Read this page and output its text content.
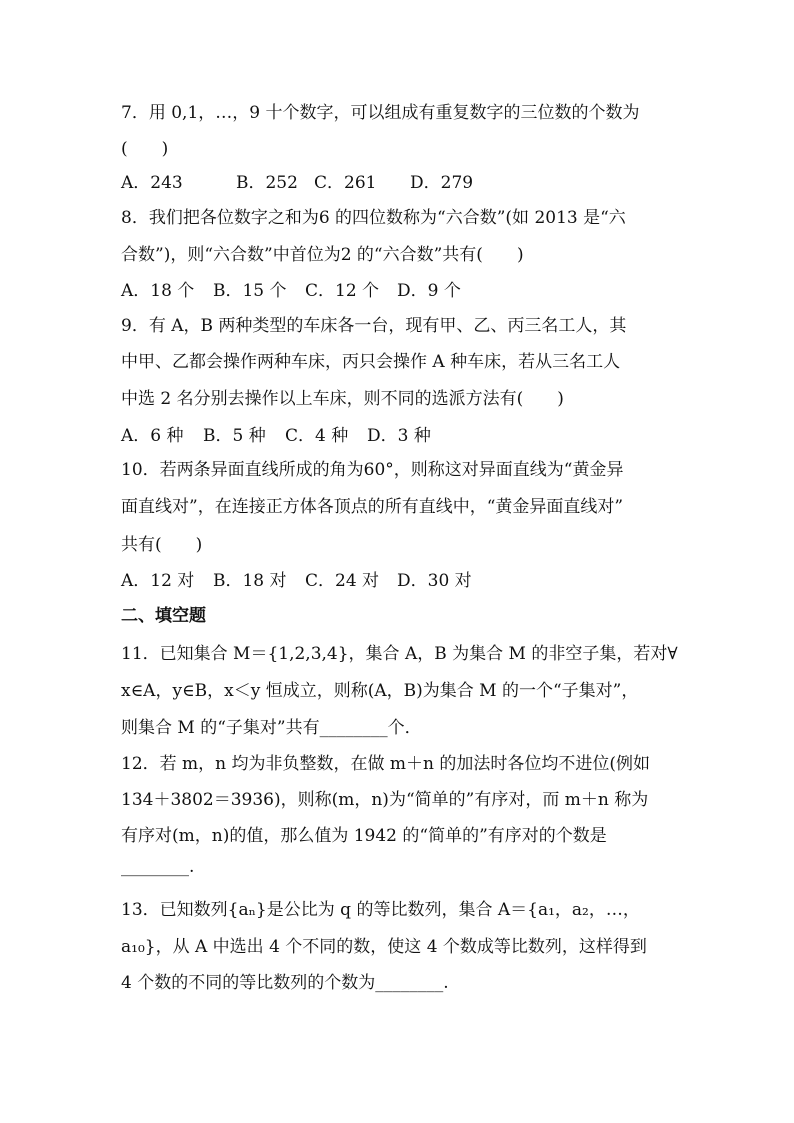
7．用 0,1，…，9 十个数字，可以组成有重复数字的三位数的个数为
(　　)
A．243	B．252 C．261 D．279
8．我们把各位数字之和为6 的四位数称为“六合数”(如 2013 是“六
合数”)，则“六合数”中首位为2 的“六合数”共有(　　)
A．18 个 B．15 个 C．12 个 D．9 个
9．有 A，B 两种类型的车床各一台，现有甲、乙、丙三名工人，其
中甲、乙都会操作两种车床，丙只会操作 A 种车床，若从三名工人
中选 2 名分别去操作以上车床，则不同的选派方法有(　　)
A．6 种 B．5 种 C．4 种 D．3 种
10．若两条异面直线所成的角为60°，则称这对异面直线为“黄金异
面直线对”，在连接正方体各顶点的所有直线中，“黄金异面直线对”
共有(　　)
A．12 对 B．18 对 C．24 对 D．30 对
二、填空题
11．已知集合 M＝{1,2,3,4}，集合 A，B 为集合 M 的非空子集，若对∀
x∈A，y∈B，x＜y 恒成立，则称(A，B)为集合 M 的一个“子集对”，
则集合 M 的“子集对”共有________个．
12．若 m，n 均为非负整数，在做 m＋n 的加法时各位均不进位(例如
134＋3802＝3936)，则称(m，n)为“简单的”有序对，而 m＋n 称为
有序对(m，n)的值，那么值为 1942 的“简单的”有序对的个数是
________.
13．已知数列{aₙ}是公比为 q 的等比数列，集合 A＝{a₁，a₂，…，
a₁₀}，从 A 中选出 4 个不同的数，使这 4 个数成等比数列，这样得到
4 个数的不同的等比数列的个数为________.
